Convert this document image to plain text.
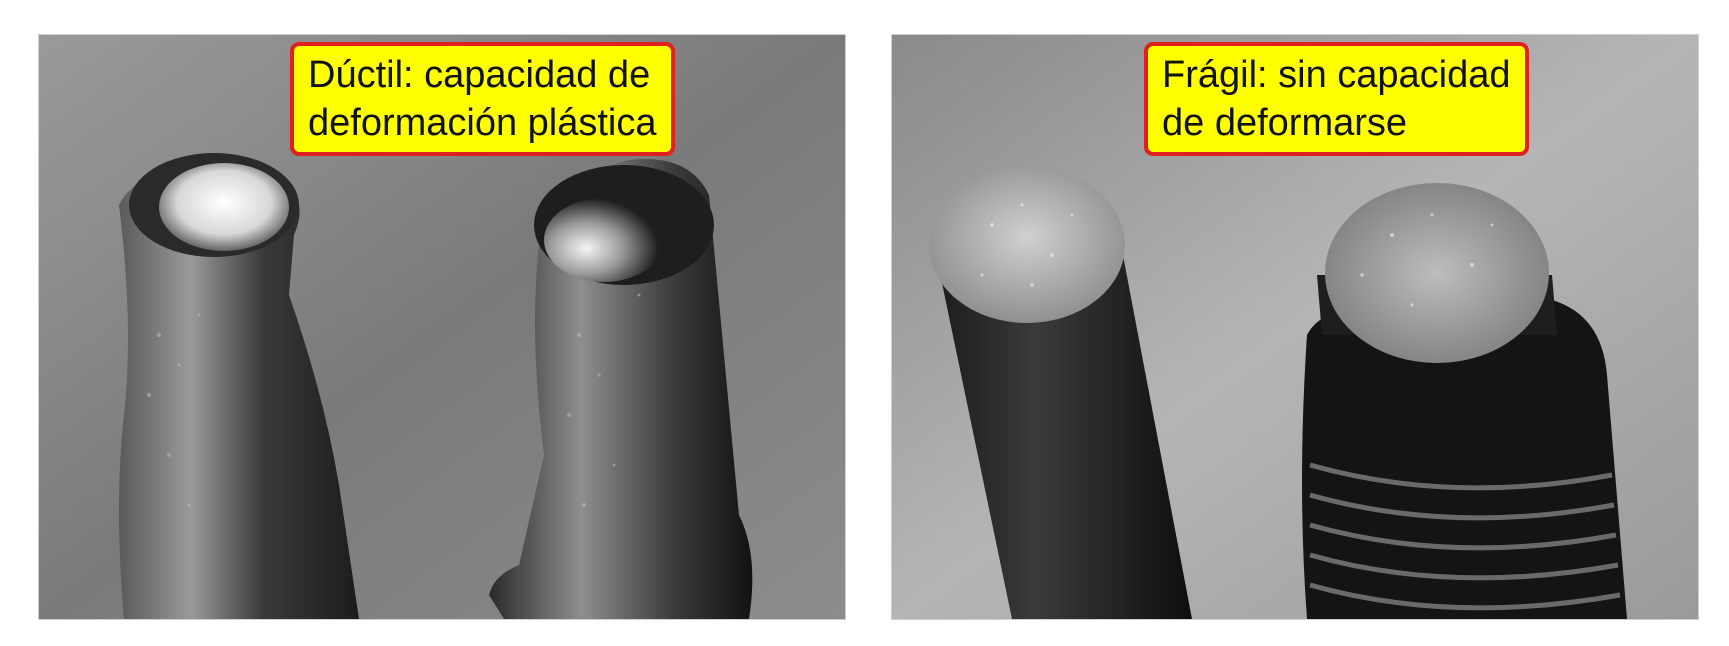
Dúctil: capacidad de
deformación plástica
Frágil: sin capacidad
de deformarse
